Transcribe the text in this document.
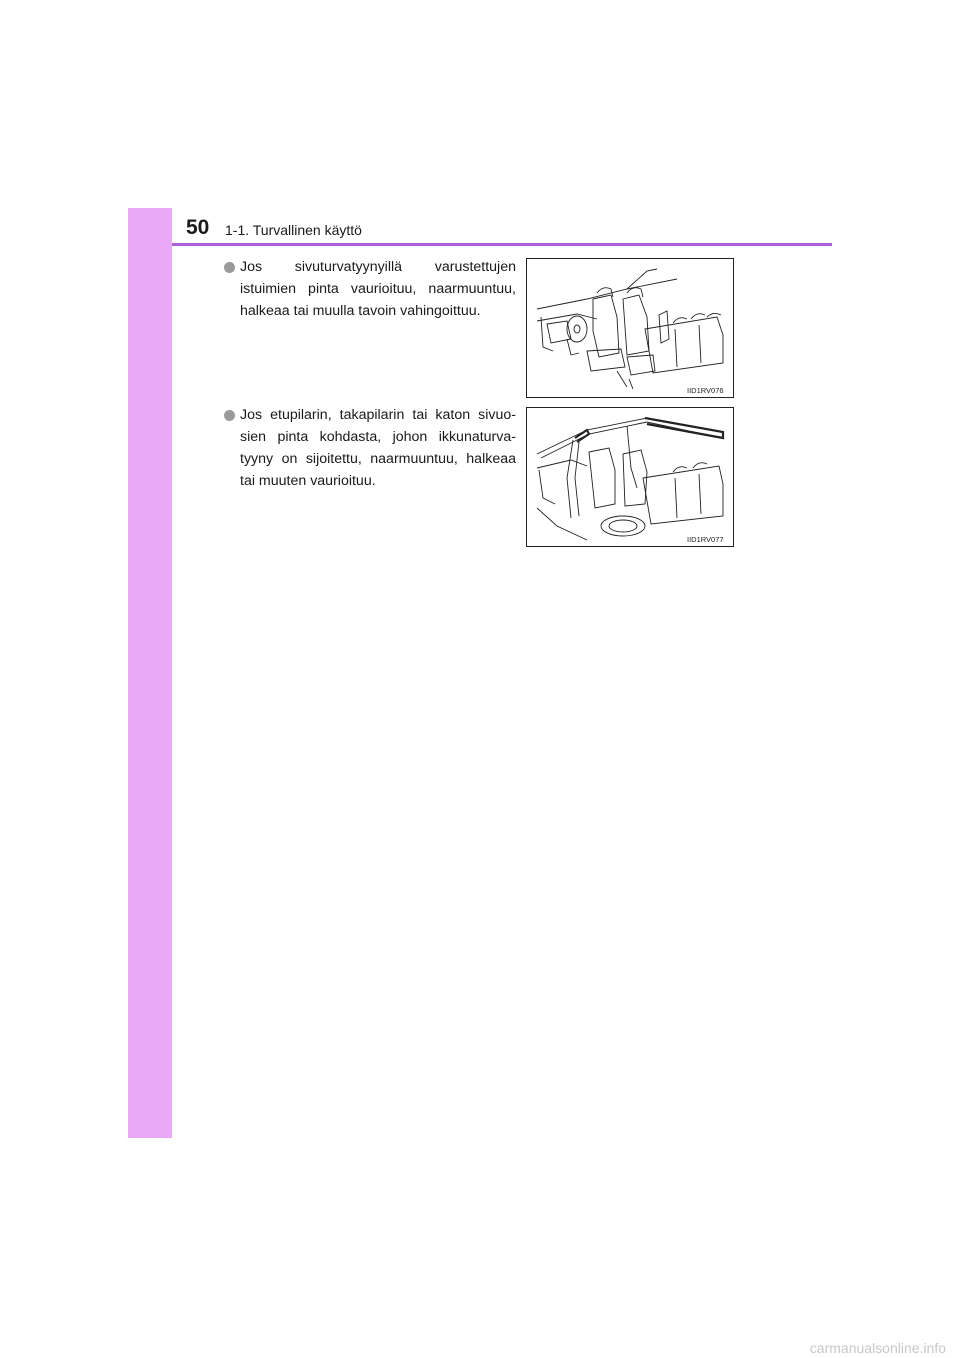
50 1-1. Turvallinen käyttö
Jos sivuturvatyynyillä varustettujen
istuimien pinta vaurioituu, naarmuuntuu,
halkeaa tai muulla tavoin vahingoittuu.
IID1RV076
Jos etupilarin, takapilarin tai katon sivuo-
sien pinta kohdasta, johon ikkunaturva-
tyyny on sijoitettu, naarmuuntuu, halkeaa
tai muuten vaurioituu.
IID1RV077
carmanualsonline.info
